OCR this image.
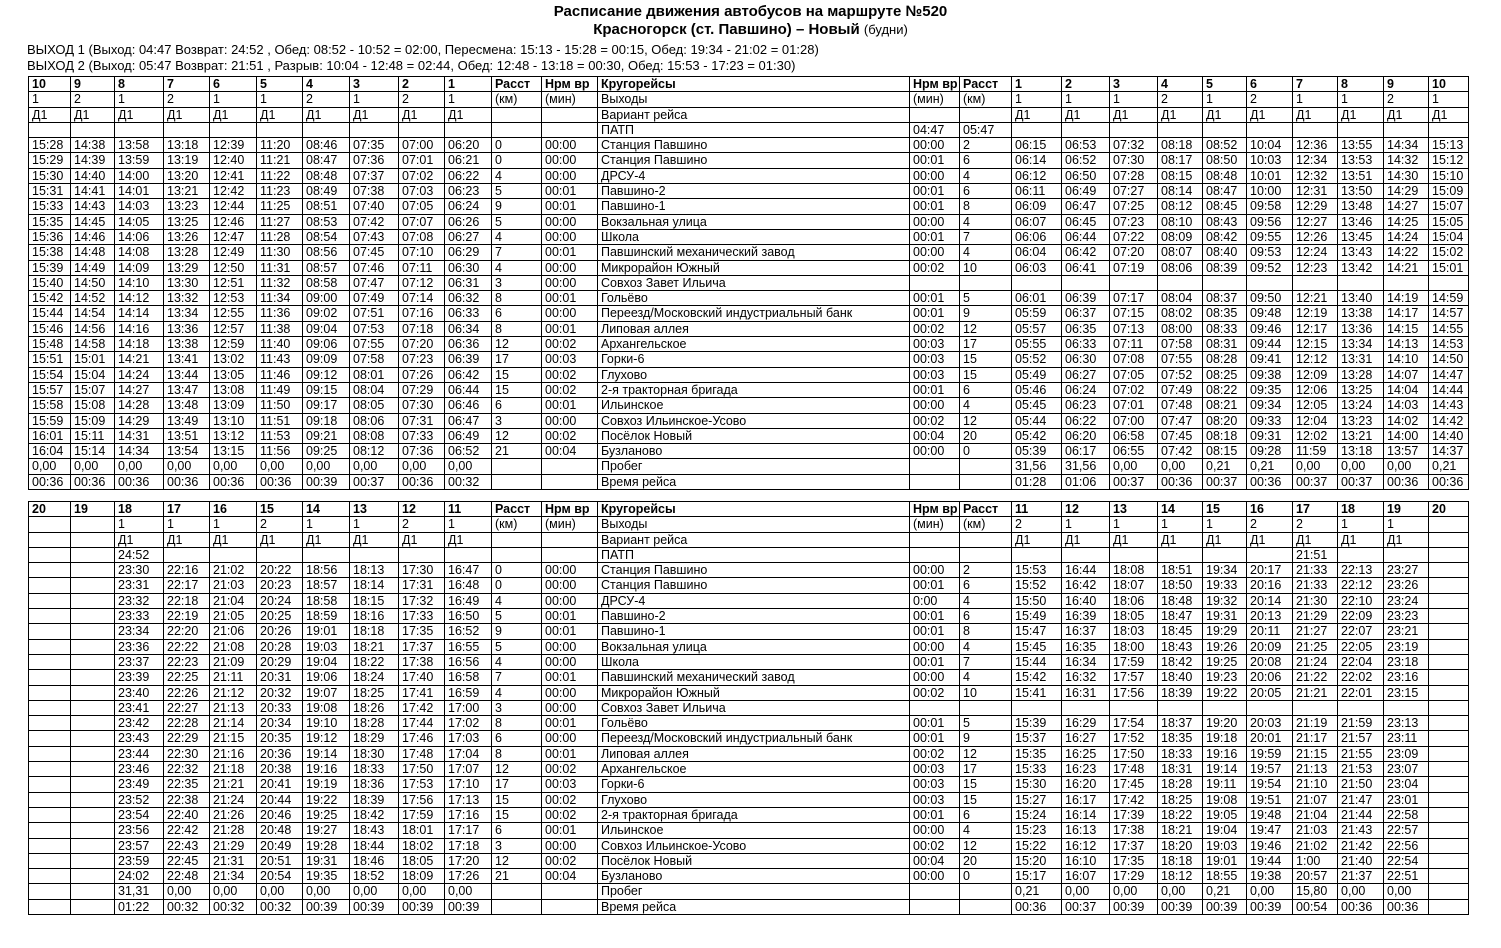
Расписание движения автобусов на маршруте №520
Красногорск (ст. Павшино) – Новый (будни)
ВЫХОД 1 (Выход: 04:47 Возврат: 24:52 , Обед: 08:52 - 10:52 = 02:00, Пересмена: 15:13 - 15:28 = 00:15, Обед: 19:34 - 21:02 = 01:28)
ВЫХОД 2 (Выход: 05:47 Возврат: 21:51 , Разрыв: 10:04 - 12:48 = 02:44, Обед: 12:48 - 13:18 = 00:30, Обед: 15:53 - 17:23 = 01:30)
10	9	8	7	6	5	4	3	2	1	Расст	Нрм вр	Кругорейсы	Нрм вр	Расст	1	2	3	4	5	6	7	8	9	10
1	2	1	2	1	1	2	1	2	1	(км)	(мин)	Выходы	(мин)	(км)	1	1	1	2	1	2	1	1	2	1
Д1	Д1	Д1	Д1	Д1	Д1	Д1	Д1	Д1	Д1			Вариант рейса			Д1	Д1	Д1	Д1	Д1	Д1	Д1	Д1	Д1	Д1
												ПАТП	04:47	05:47										
15:28	14:38	13:58	13:18	12:39	11:20	08:46	07:35	07:00	06:20	0	00:00	Станция Павшино	00:00	2	06:15	06:53	07:32	08:18	08:52	10:04	12:36	13:55	14:34	15:13
15:29	14:39	13:59	13:19	12:40	11:21	08:47	07:36	07:01	06:21	0	00:00	Станция Павшино	00:01	6	06:14	06:52	07:30	08:17	08:50	10:03	12:34	13:53	14:32	15:12
15:30	14:40	14:00	13:20	12:41	11:22	08:48	07:37	07:02	06:22	4	00:00	ДРСУ-4	00:00	4	06:12	06:50	07:28	08:15	08:48	10:01	12:32	13:51	14:30	15:10
15:31	14:41	14:01	13:21	12:42	11:23	08:49	07:38	07:03	06:23	5	00:01	Павшино-2	00:01	6	06:11	06:49	07:27	08:14	08:47	10:00	12:31	13:50	14:29	15:09
15:33	14:43	14:03	13:23	12:44	11:25	08:51	07:40	07:05	06:24	9	00:01	Павшино-1	00:01	8	06:09	06:47	07:25	08:12	08:45	09:58	12:29	13:48	14:27	15:07
15:35	14:45	14:05	13:25	12:46	11:27	08:53	07:42	07:07	06:26	5	00:00	Вокзальная улица	00:00	4	06:07	06:45	07:23	08:10	08:43	09:56	12:27	13:46	14:25	15:05
15:36	14:46	14:06	13:26	12:47	11:28	08:54	07:43	07:08	06:27	4	00:00	Школа	00:01	7	06:06	06:44	07:22	08:09	08:42	09:55	12:26	13:45	14:24	15:04
15:38	14:48	14:08	13:28	12:49	11:30	08:56	07:45	07:10	06:29	7	00:01	Павшинский механический завод	00:00	4	06:04	06:42	07:20	08:07	08:40	09:53	12:24	13:43	14:22	15:02
15:39	14:49	14:09	13:29	12:50	11:31	08:57	07:46	07:11	06:30	4	00:00	Микрорайон Южный	00:02	10	06:03	06:41	07:19	08:06	08:39	09:52	12:23	13:42	14:21	15:01
15:40	14:50	14:10	13:30	12:51	11:32	08:58	07:47	07:12	06:31	3	00:00	Совхоз Завет Ильича												
15:42	14:52	14:12	13:32	12:53	11:34	09:00	07:49	07:14	06:32	8	00:01	Гольёво	00:01	5	06:01	06:39	07:17	08:04	08:37	09:50	12:21	13:40	14:19	14:59
15:44	14:54	14:14	13:34	12:55	11:36	09:02	07:51	07:16	06:33	6	00:00	Переезд/Московский индустриальный банк	00:01	9	05:59	06:37	07:15	08:02	08:35	09:48	12:19	13:38	14:17	14:57
15:46	14:56	14:16	13:36	12:57	11:38	09:04	07:53	07:18	06:34	8	00:01	Липовая аллея	00:02	12	05:57	06:35	07:13	08:00	08:33	09:46	12:17	13:36	14:15	14:55
15:48	14:58	14:18	13:38	12:59	11:40	09:06	07:55	07:20	06:36	12	00:02	Архангельское	00:03	17	05:55	06:33	07:11	07:58	08:31	09:44	12:15	13:34	14:13	14:53
15:51	15:01	14:21	13:41	13:02	11:43	09:09	07:58	07:23	06:39	17	00:03	Горки-6	00:03	15	05:52	06:30	07:08	07:55	08:28	09:41	12:12	13:31	14:10	14:50
15:54	15:04	14:24	13:44	13:05	11:46	09:12	08:01	07:26	06:42	15	00:02	Глухово	00:03	15	05:49	06:27	07:05	07:52	08:25	09:38	12:09	13:28	14:07	14:47
15:57	15:07	14:27	13:47	13:08	11:49	09:15	08:04	07:29	06:44	15	00:02	2-я тракторная бригада	00:01	6	05:46	06:24	07:02	07:49	08:22	09:35	12:06	13:25	14:04	14:44
15:58	15:08	14:28	13:48	13:09	11:50	09:17	08:05	07:30	06:46	6	00:01	Ильинское	00:00	4	05:45	06:23	07:01	07:48	08:21	09:34	12:05	13:24	14:03	14:43
15:59	15:09	14:29	13:49	13:10	11:51	09:18	08:06	07:31	06:47	3	00:00	Совхоз Ильинское-Усово	00:02	12	05:44	06:22	07:00	07:47	08:20	09:33	12:04	13:23	14:02	14:42
16:01	15:11	14:31	13:51	13:12	11:53	09:21	08:08	07:33	06:49	12	00:02	Посёлок Новый	00:04	20	05:42	06:20	06:58	07:45	08:18	09:31	12:02	13:21	14:00	14:40
16:04	15:14	14:34	13:54	13:15	11:56	09:25	08:12	07:36	06:52	21	00:04	Бузланово	00:00	0	05:39	06:17	06:55	07:42	08:15	09:28	11:59	13:18	13:57	14:37
0,00	0,00	0,00	0,00	0,00	0,00	0,00	0,00	0,00	0,00			Пробег			31,56	31,56	0,00	0,00	0,21	0,21	0,00	0,00	0,00	0,21
00:36	00:36	00:36	00:36	00:36	00:36	00:39	00:37	00:36	00:32			Время рейса			01:28	01:06	00:37	00:36	00:37	00:36	00:37	00:37	00:36	00:36
20	19	18	17	16	15	14	13	12	11	Расст	Нрм вр	Кругорейсы	Нрм вр	Расст	11	12	13	14	15	16	17	18	19	20
		1	1	1	2	1	1	2	1	(км)	(мин)	Выходы	(мин)	(км)	2	1	1	1	1	2	2	1	1	
		Д1	Д1	Д1	Д1	Д1	Д1	Д1	Д1			Вариант рейса			Д1	Д1	Д1	Д1	Д1	Д1	Д1	Д1	Д1	
		24:52										ПАТП									21:51			
		23:30	22:16	21:02	20:22	18:56	18:13	17:30	16:47	0	00:00	Станция Павшино	00:00	2	15:53	16:44	18:08	18:51	19:34	20:17	21:33	22:13	23:27	
		23:31	22:17	21:03	20:23	18:57	18:14	17:31	16:48	0	00:00	Станция Павшино	00:01	6	15:52	16:42	18:07	18:50	19:33	20:16	21:33	22:12	23:26	
		23:32	22:18	21:04	20:24	18:58	18:15	17:32	16:49	4	00:00	ДРСУ-4	0:00	4	15:50	16:40	18:06	18:48	19:32	20:14	21:30	22:10	23:24	
		23:33	22:19	21:05	20:25	18:59	18:16	17:33	16:50	5	00:01	Павшино-2	00:01	6	15:49	16:39	18:05	18:47	19:31	20:13	21:29	22:09	23:23	
		23:34	22:20	21:06	20:26	19:01	18:18	17:35	16:52	9	00:01	Павшино-1	00:01	8	15:47	16:37	18:03	18:45	19:29	20:11	21:27	22:07	23:21	
		23:36	22:22	21:08	20:28	19:03	18:21	17:37	16:55	5	00:00	Вокзальная улица	00:00	4	15:45	16:35	18:00	18:43	19:26	20:09	21:25	22:05	23:19	
		23:37	22:23	21:09	20:29	19:04	18:22	17:38	16:56	4	00:00	Школа	00:01	7	15:44	16:34	17:59	18:42	19:25	20:08	21:24	22:04	23:18	
		23:39	22:25	21:11	20:31	19:06	18:24	17:40	16:58	7	00:01	Павшинский механический завод	00:00	4	15:42	16:32	17:57	18:40	19:23	20:06	21:22	22:02	23:16	
		23:40	22:26	21:12	20:32	19:07	18:25	17:41	16:59	4	00:00	Микрорайон Южный	00:02	10	15:41	16:31	17:56	18:39	19:22	20:05	21:21	22:01	23:15	
		23:41	22:27	21:13	20:33	19:08	18:26	17:42	17:00	3	00:00	Совхоз Завет Ильича												
		23:42	22:28	21:14	20:34	19:10	18:28	17:44	17:02	8	00:01	Гольёво	00:01	5	15:39	16:29	17:54	18:37	19:20	20:03	21:19	21:59	23:13	
		23:43	22:29	21:15	20:35	19:12	18:29	17:46	17:03	6	00:00	Переезд/Московский индустриальный банк	00:01	9	15:37	16:27	17:52	18:35	19:18	20:01	21:17	21:57	23:11	
		23:44	22:30	21:16	20:36	19:14	18:30	17:48	17:04	8	00:01	Липовая аллея	00:02	12	15:35	16:25	17:50	18:33	19:16	19:59	21:15	21:55	23:09	
		23:46	22:32	21:18	20:38	19:16	18:33	17:50	17:07	12	00:02	Архангельское	00:03	17	15:33	16:23	17:48	18:31	19:14	19:57	21:13	21:53	23:07	
		23:49	22:35	21:21	20:41	19:19	18:36	17:53	17:10	17	00:03	Горки-6	00:03	15	15:30	16:20	17:45	18:28	19:11	19:54	21:10	21:50	23:04	
		23:52	22:38	21:24	20:44	19:22	18:39	17:56	17:13	15	00:02	Глухово	00:03	15	15:27	16:17	17:42	18:25	19:08	19:51	21:07	21:47	23:01	
		23:54	22:40	21:26	20:46	19:25	18:42	17:59	17:16	15	00:02	2-я тракторная бригада	00:01	6	15:24	16:14	17:39	18:22	19:05	19:48	21:04	21:44	22:58	
		23:56	22:42	21:28	20:48	19:27	18:43	18:01	17:17	6	00:01	Ильинское	00:00	4	15:23	16:13	17:38	18:21	19:04	19:47	21:03	21:43	22:57	
		23:57	22:43	21:29	20:49	19:28	18:44	18:02	17:18	3	00:00	Совхоз Ильинское-Усово	00:02	12	15:22	16:12	17:37	18:20	19:03	19:46	21:02	21:42	22:56	
		23:59	22:45	21:31	20:51	19:31	18:46	18:05	17:20	12	00:02	Посёлок Новый	00:04	20	15:20	16:10	17:35	18:18	19:01	19:44	1:00	21:40	22:54	
		24:02	22:48	21:34	20:54	19:35	18:52	18:09	17:26	21	00:04	Бузланово	00:00	0	15:17	16:07	17:29	18:12	18:55	19:38	20:57	21:37	22:51	
		31,31	0,00	0,00	0,00	0,00	0,00	0,00	0,00			Пробег			0,21	0,00	0,00	0,00	0,21	0,00	15,80	0,00	0,00	
		01:22	00:32	00:32	00:32	00:39	00:39	00:39	00:39			Время рейса			00:36	00:37	00:39	00:39	00:39	00:39	00:54	00:36	00:36	
